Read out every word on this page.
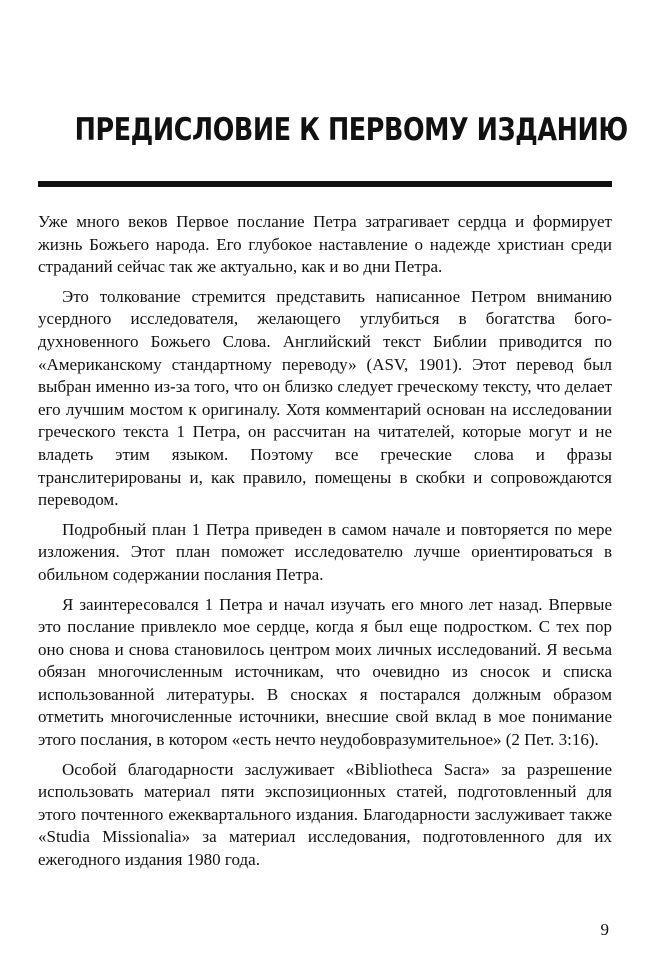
ПРЕДИСЛОВИЕ К ПЕРВОМУ ИЗДАНИЮ

Уже много веков Первое послание Петра затрагивает сердца и формирует жизнь Божьего народа. Его глубокое наставление о надежде христиан среди страданий сейчас так же актуально, как и во дни Петра.

Это толкование стремится представить написанное Петром вниманию усердного исследователя, желающего углубиться в богатства богодухновенного Божьего Слова. Английский текст Библии приводится по «Американскому стандартному переводу» (ASV, 1901). Этот перевод был выбран именно из-за того, что он близко следует греческому тексту, что делает его лучшим мостом к оригиналу. Хотя комментарий основан на исследовании греческого текста 1 Петра, он рассчитан на читателей, которые могут и не владеть этим языком. Поэтому все греческие слова и фразы транслитерированы и, как правило, помещены в скобки и сопровождаются переводом.

Подробный план 1 Петра приведен в самом начале и повторяется по мере изложения. Этот план поможет исследователю лучше ориентироваться в обильном содержании послания Петра.

Я заинтересовался 1 Петра и начал изучать его много лет назад. Впервые это послание привлекло мое сердце, когда я был еще подростком. С тех пор оно снова и снова становилось центром моих личных исследований. Я весьма обязан многочисленным источникам, что очевидно из сносок и списка использованной литературы. В сносках я постарался должным образом отметить многочисленные источники, внесшие свой вклад в мое понимание этого послания, в котором «есть нечто неудобовразумительное» (2 Пет. 3:16).

Особой благодарности заслуживает «Bibliotheca Sacra» за разрешение использовать материал пяти экспозиционных статей, подготовленный для этого почтенного ежеквартального издания. Благодарности заслуживает также «Studia Missionalia» за материал исследования, подготовленного для их ежегодного издания 1980 года.

9
